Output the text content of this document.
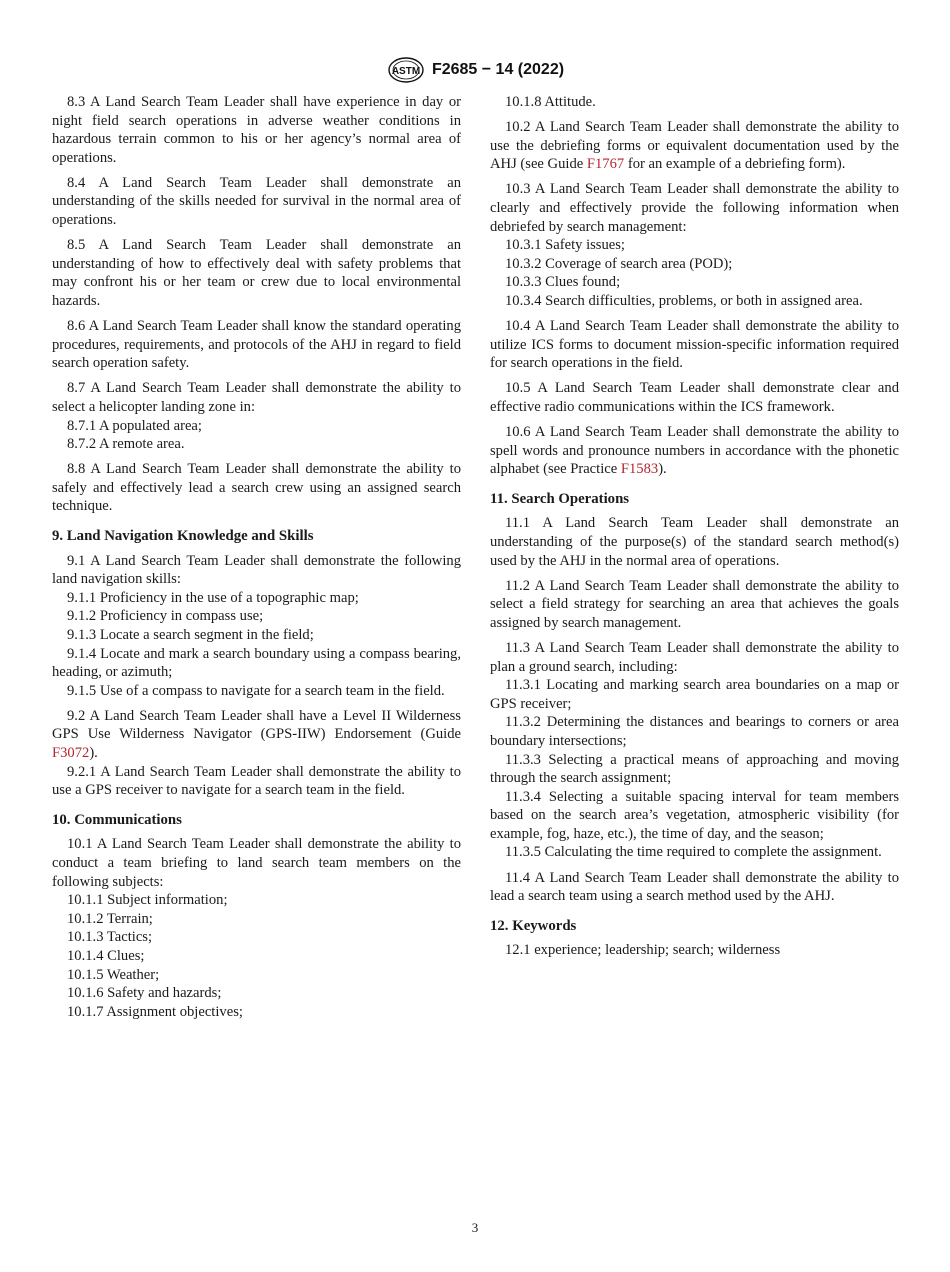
ASTM F2685 − 14 (2022)

8.3 A Land Search Team Leader shall have experience in day or night field search operations in adverse weather conditions in hazardous terrain common to his or her agency’s normal area of operations.

8.4 A Land Search Team Leader shall demonstrate an understanding of the skills needed for survival in the normal area of operations.

8.5 A Land Search Team Leader shall demonstrate an understanding of how to effectively deal with safety problems that may confront his or her team or crew due to local environmental hazards.

8.6 A Land Search Team Leader shall know the standard operating procedures, requirements, and protocols of the AHJ in regard to field search operation safety.

8.7 A Land Search Team Leader shall demonstrate the ability to select a helicopter landing zone in:

8.7.1 A populated area;

8.7.2 A remote area.

8.8 A Land Search Team Leader shall demonstrate the ability to safely and effectively lead a search crew using an assigned search technique.

9. Land Navigation Knowledge and Skills

9.1 A Land Search Team Leader shall demonstrate the following land navigation skills:

9.1.1 Proficiency in the use of a topographic map;

9.1.2 Proficiency in compass use;

9.1.3 Locate a search segment in the field;

9.1.4 Locate and mark a search boundary using a compass bearing, heading, or azimuth;

9.1.5 Use of a compass to navigate for a search team in the field.

9.2 A Land Search Team Leader shall have a Level II Wilderness GPS Use Wilderness Navigator (GPS-IIW) Endorsement (Guide F3072).

9.2.1 A Land Search Team Leader shall demonstrate the ability to use a GPS receiver to navigate for a search team in the field.

10. Communications

10.1 A Land Search Team Leader shall demonstrate the ability to conduct a team briefing to land search team members on the following subjects:

10.1.1 Subject information;

10.1.2 Terrain;

10.1.3 Tactics;

10.1.4 Clues;

10.1.5 Weather;

10.1.6 Safety and hazards;

10.1.7 Assignment objectives;

10.1.8 Attitude.

10.2 A Land Search Team Leader shall demonstrate the ability to use the debriefing forms or equivalent documentation used by the AHJ (see Guide F1767 for an example of a debriefing form).

10.3 A Land Search Team Leader shall demonstrate the ability to clearly and effectively provide the following information when debriefed by search management:

10.3.1 Safety issues;

10.3.2 Coverage of search area (POD);

10.3.3 Clues found;

10.3.4 Search difficulties, problems, or both in assigned area.

10.4 A Land Search Team Leader shall demonstrate the ability to utilize ICS forms to document mission-specific information required for search operations in the field.

10.5 A Land Search Team Leader shall demonstrate clear and effective radio communications within the ICS framework.

10.6 A Land Search Team Leader shall demonstrate the ability to spell words and pronounce numbers in accordance with the phonetic alphabet (see Practice F1583).

11. Search Operations

11.1 A Land Search Team Leader shall demonstrate an understanding of the purpose(s) of the standard search method(s) used by the AHJ in the normal area of operations.

11.2 A Land Search Team Leader shall demonstrate the ability to select a field strategy for searching an area that achieves the goals assigned by search management.

11.3 A Land Search Team Leader shall demonstrate the ability to plan a ground search, including:

11.3.1 Locating and marking search area boundaries on a map or GPS receiver;

11.3.2 Determining the distances and bearings to corners or area boundary intersections;

11.3.3 Selecting a practical means of approaching and moving through the search assignment;

11.3.4 Selecting a suitable spacing interval for team members based on the search area’s vegetation, atmospheric visibility (for example, fog, haze, etc.), the time of day, and the season;

11.3.5 Calculating the time required to complete the assignment.

11.4 A Land Search Team Leader shall demonstrate the ability to lead a search team using a search method used by the AHJ.

12. Keywords

12.1 experience; leadership; search; wilderness

3
